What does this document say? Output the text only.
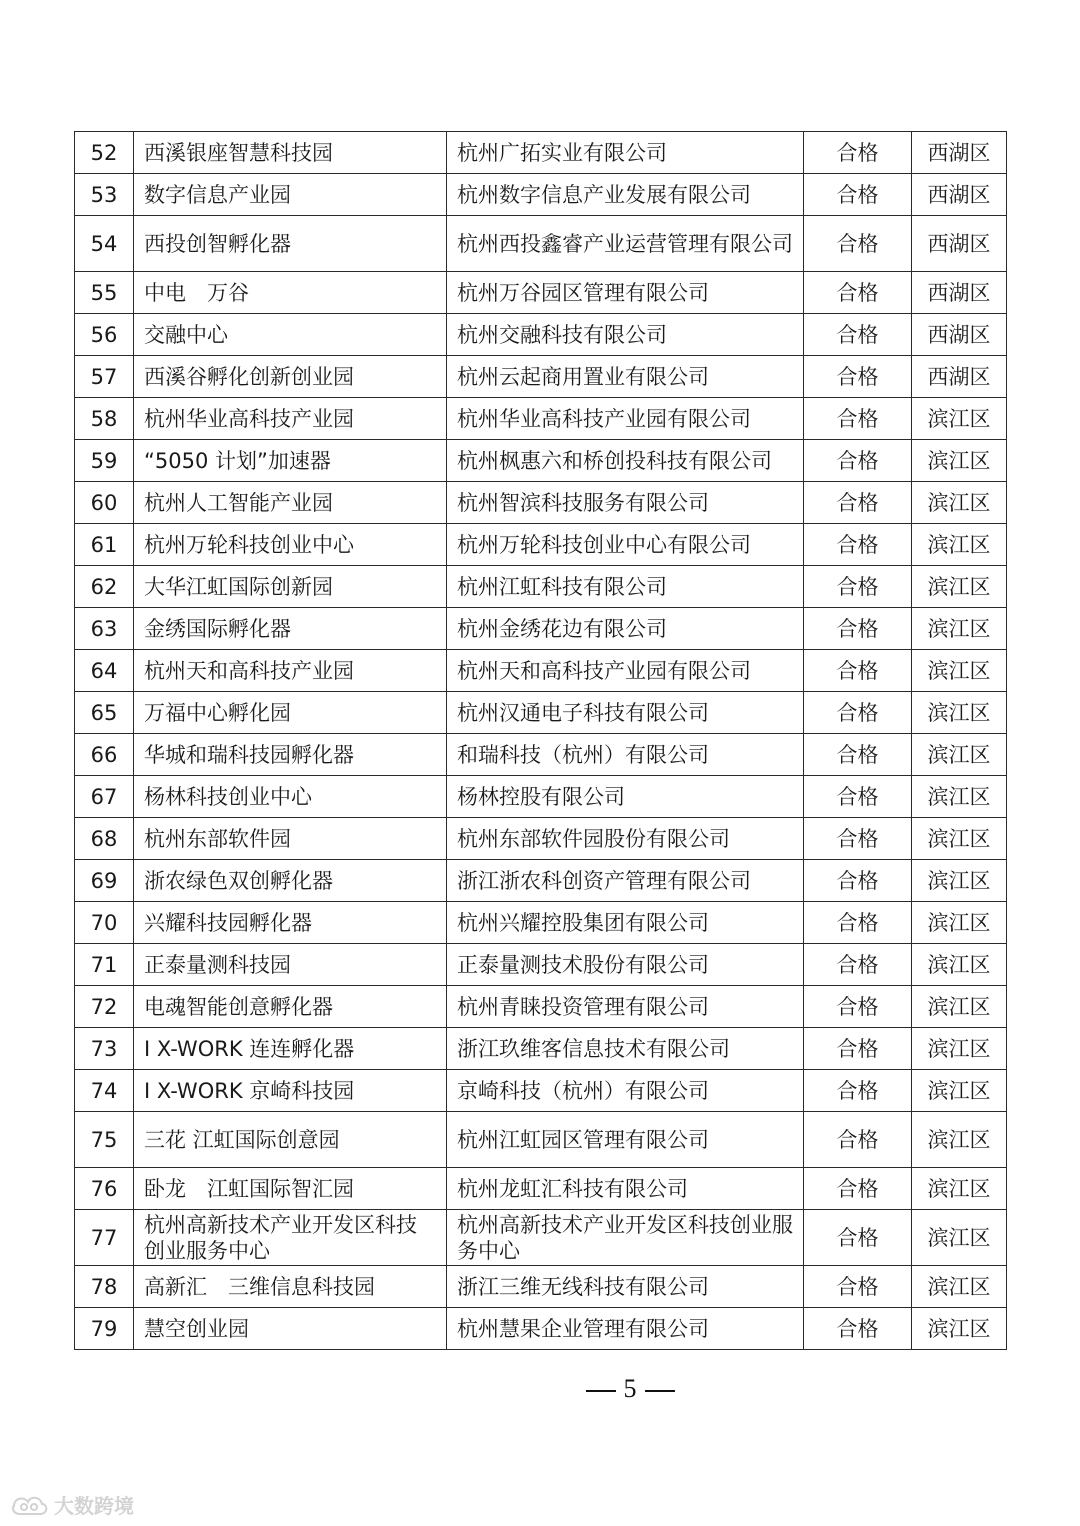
52	西溪银座智慧科技园	杭州广拓实业有限公司	合格	西湖区
53	数字信息产业园	杭州数字信息产业发展有限公司	合格	西湖区
54	西投创智孵化器	杭州西投鑫睿产业运营管理有限公司	合格	西湖区
55	中电　万谷	杭州万谷园区管理有限公司	合格	西湖区
56	交融中心	杭州交融科技有限公司	合格	西湖区
57	西溪谷孵化创新创业园	杭州云起商用置业有限公司	合格	西湖区
58	杭州华业高科技产业园	杭州华业高科技产业园有限公司	合格	滨江区
59	“5050 计划”加速器	杭州枫惠六和桥创投科技有限公司	合格	滨江区
60	杭州人工智能产业园	杭州智滨科技服务有限公司	合格	滨江区
61	杭州万轮科技创业中心	杭州万轮科技创业中心有限公司	合格	滨江区
62	大华江虹国际创新园	杭州江虹科技有限公司	合格	滨江区
63	金绣国际孵化器	杭州金绣花边有限公司	合格	滨江区
64	杭州天和高科技产业园	杭州天和高科技产业园有限公司	合格	滨江区
65	万福中心孵化园	杭州汉通电子科技有限公司	合格	滨江区
66	华城和瑞科技园孵化器	和瑞科技（杭州）有限公司	合格	滨江区
67	杨林科技创业中心	杨林控股有限公司	合格	滨江区
68	杭州东部软件园	杭州东部软件园股份有限公司	合格	滨江区
69	浙农绿色双创孵化器	浙江浙农科创资产管理有限公司	合格	滨江区
70	兴耀科技园孵化器	杭州兴耀控股集团有限公司	合格	滨江区
71	正泰量测科技园	正泰量测技术股份有限公司	合格	滨江区
72	电魂智能创意孵化器	杭州青睐投资管理有限公司	合格	滨江区
73	I X-WORK 连连孵化器	浙江玖维客信息技术有限公司	合格	滨江区
74	I X-WORK 京崎科技园	京崎科技（杭州）有限公司	合格	滨江区
75	三花 江虹国际创意园	杭州江虹园区管理有限公司	合格	滨江区
76	卧龙　江虹国际智汇园	杭州龙虹汇科技有限公司	合格	滨江区
77	杭州高新技术产业开发区科技创业服务中心	杭州高新技术产业开发区科技创业服务中心	合格	滨江区
78	高新汇　三维信息科技园	浙江三维无线科技有限公司	合格	滨江区
79	慧空创业园	杭州慧果企业管理有限公司	合格	滨江区
5
大数跨境
